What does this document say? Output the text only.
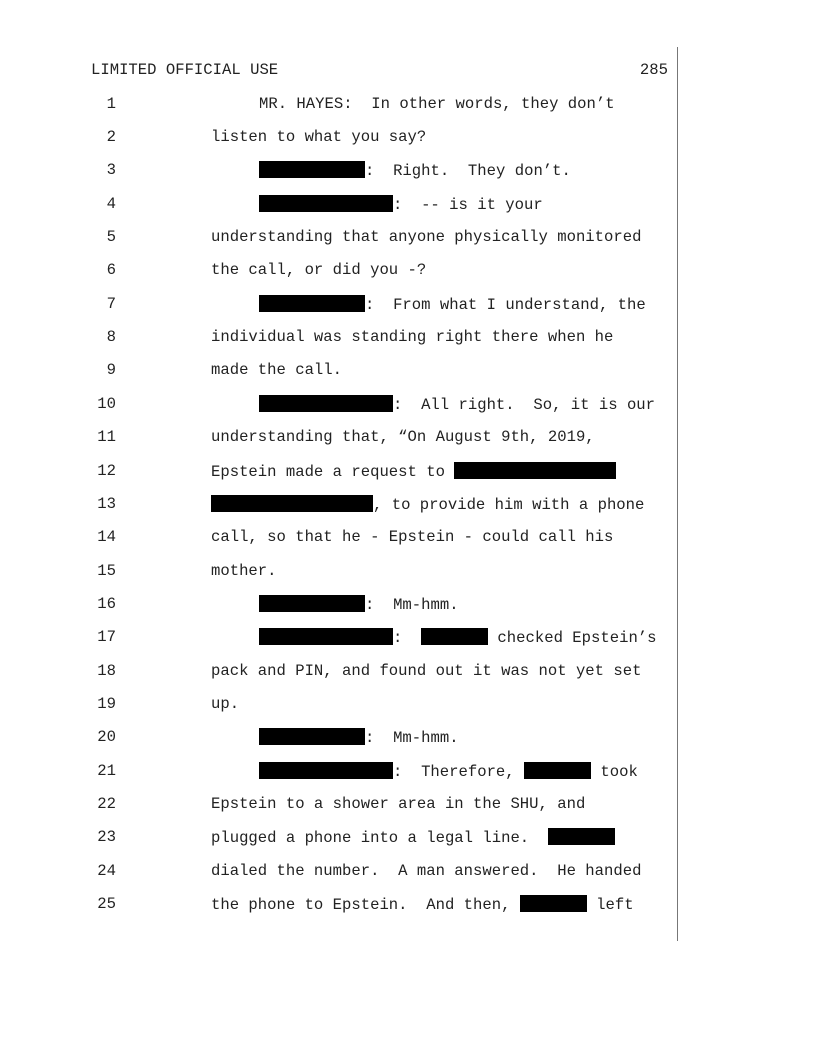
LIMITED OFFICIAL USE	285
1	MR. HAYES:  In other words, they don’t
2	listen to what you say?
3	:  Right.  They don’t.
4	:  -- is it your
5	understanding that anyone physically monitored
6	the call, or did you -?
7	:  From what I understand, the
8	individual was standing right there when he
9	made the call.
10	:  All right.  So, it is our
11	understanding that, “On August 9th, 2019,
12	Epstein made a request to
13	, to provide him with a phone
14	call, so that he - Epstein - could call his
15	mother.
16	:  Mm-hmm.
17	:	checked Epstein’s
18	pack and PIN, and found out it was not yet set
19	up.
20	:  Mm-hmm.
21	:  Therefore,	took
22	Epstein to a shower area in the SHU, and
23	plugged a phone into a legal line.
24	dialed the number.  A man answered.  He handed
25	the phone to Epstein.  And then,	left
